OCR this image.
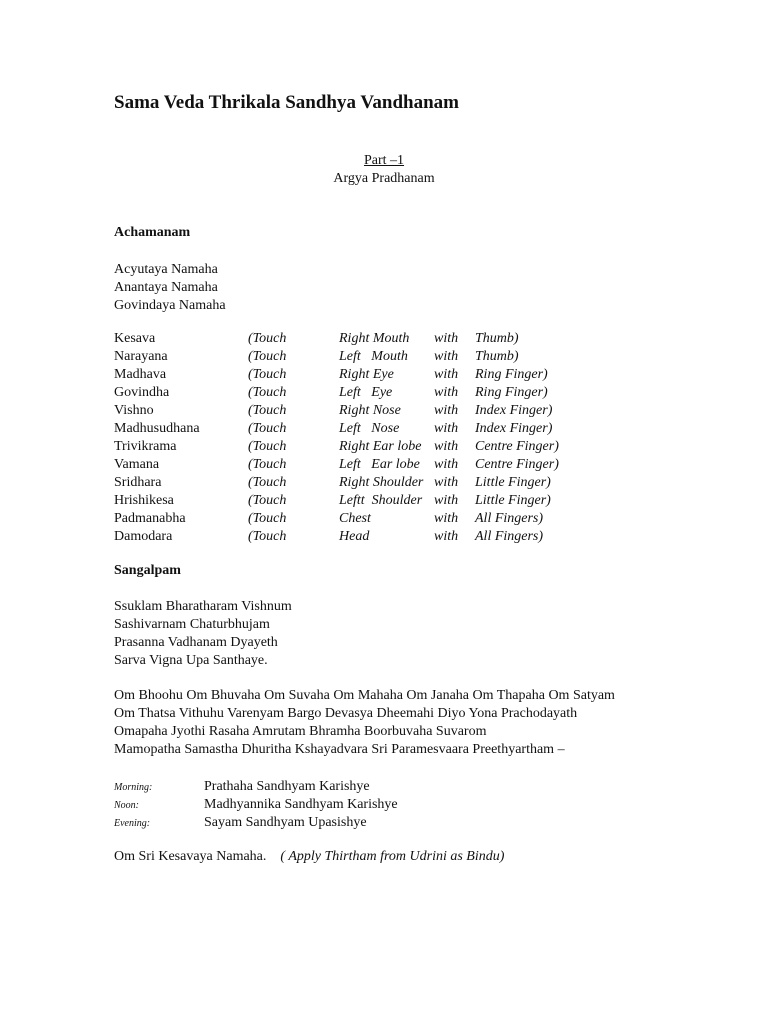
Sama Veda Thrikala Sandhya Vandhanam
Part –1
Argya Pradhanam
Achamanam
Acyutaya Namaha
Anantaya Namaha
Govindaya Namaha
Kesava	(Touch	Right Mouth	with	Thumb)
Narayana	(Touch	Left   Mouth	with	Thumb)
Madhava	(Touch	Right Eye	with	Ring Finger)
Govindha	(Touch	Left   Eye	with	Ring Finger)
Vishno	(Touch	Right Nose	with	Index Finger)
Madhusudhana	(Touch	Left   Nose	with	Index Finger)
Trivikrama	(Touch	Right Ear lobe	with	Centre Finger)
Vamana	(Touch	Left   Ear lobe	with	Centre Finger)
Sridhara	(Touch	Right Shoulder	with	Little Finger)
Hrishikesa	(Touch	Leftt  Shoulder	with	Little Finger)
Padmanabha	(Touch	Chest	with	All Fingers)
Damodara	(Touch	Head	with	All Fingers)
Sangalpam
Ssuklam Bharatharam Vishnum
Sashivarnam Chaturbhujam
Prasanna Vadhanam Dyayeth
Sarva Vigna Upa Santhaye.
Om Bhoohu Om Bhuvaha Om Suvaha Om Mahaha Om Janaha Om Thapaha Om Satyam
Om Thatsa Vithuhu Varenyam Bargo Devasya Dheemahi Diyo Yona Prachodayath
Omapaha Jyothi Rasaha Amrutam Bhramha Boorbuvaha Suvarom
Mamopatha Samastha Dhuritha Kshayadvara Sri Paramesvaara Preethyartham –
Morning:	Prathaha Sandhyam Karishye
Noon:	Madhyannika Sandhyam Karishye
Evening:	Sayam Sandhyam Upasishye
Om Sri Kesavaya Namaha. ( Apply Thirtham from Udrini as Bindu)
